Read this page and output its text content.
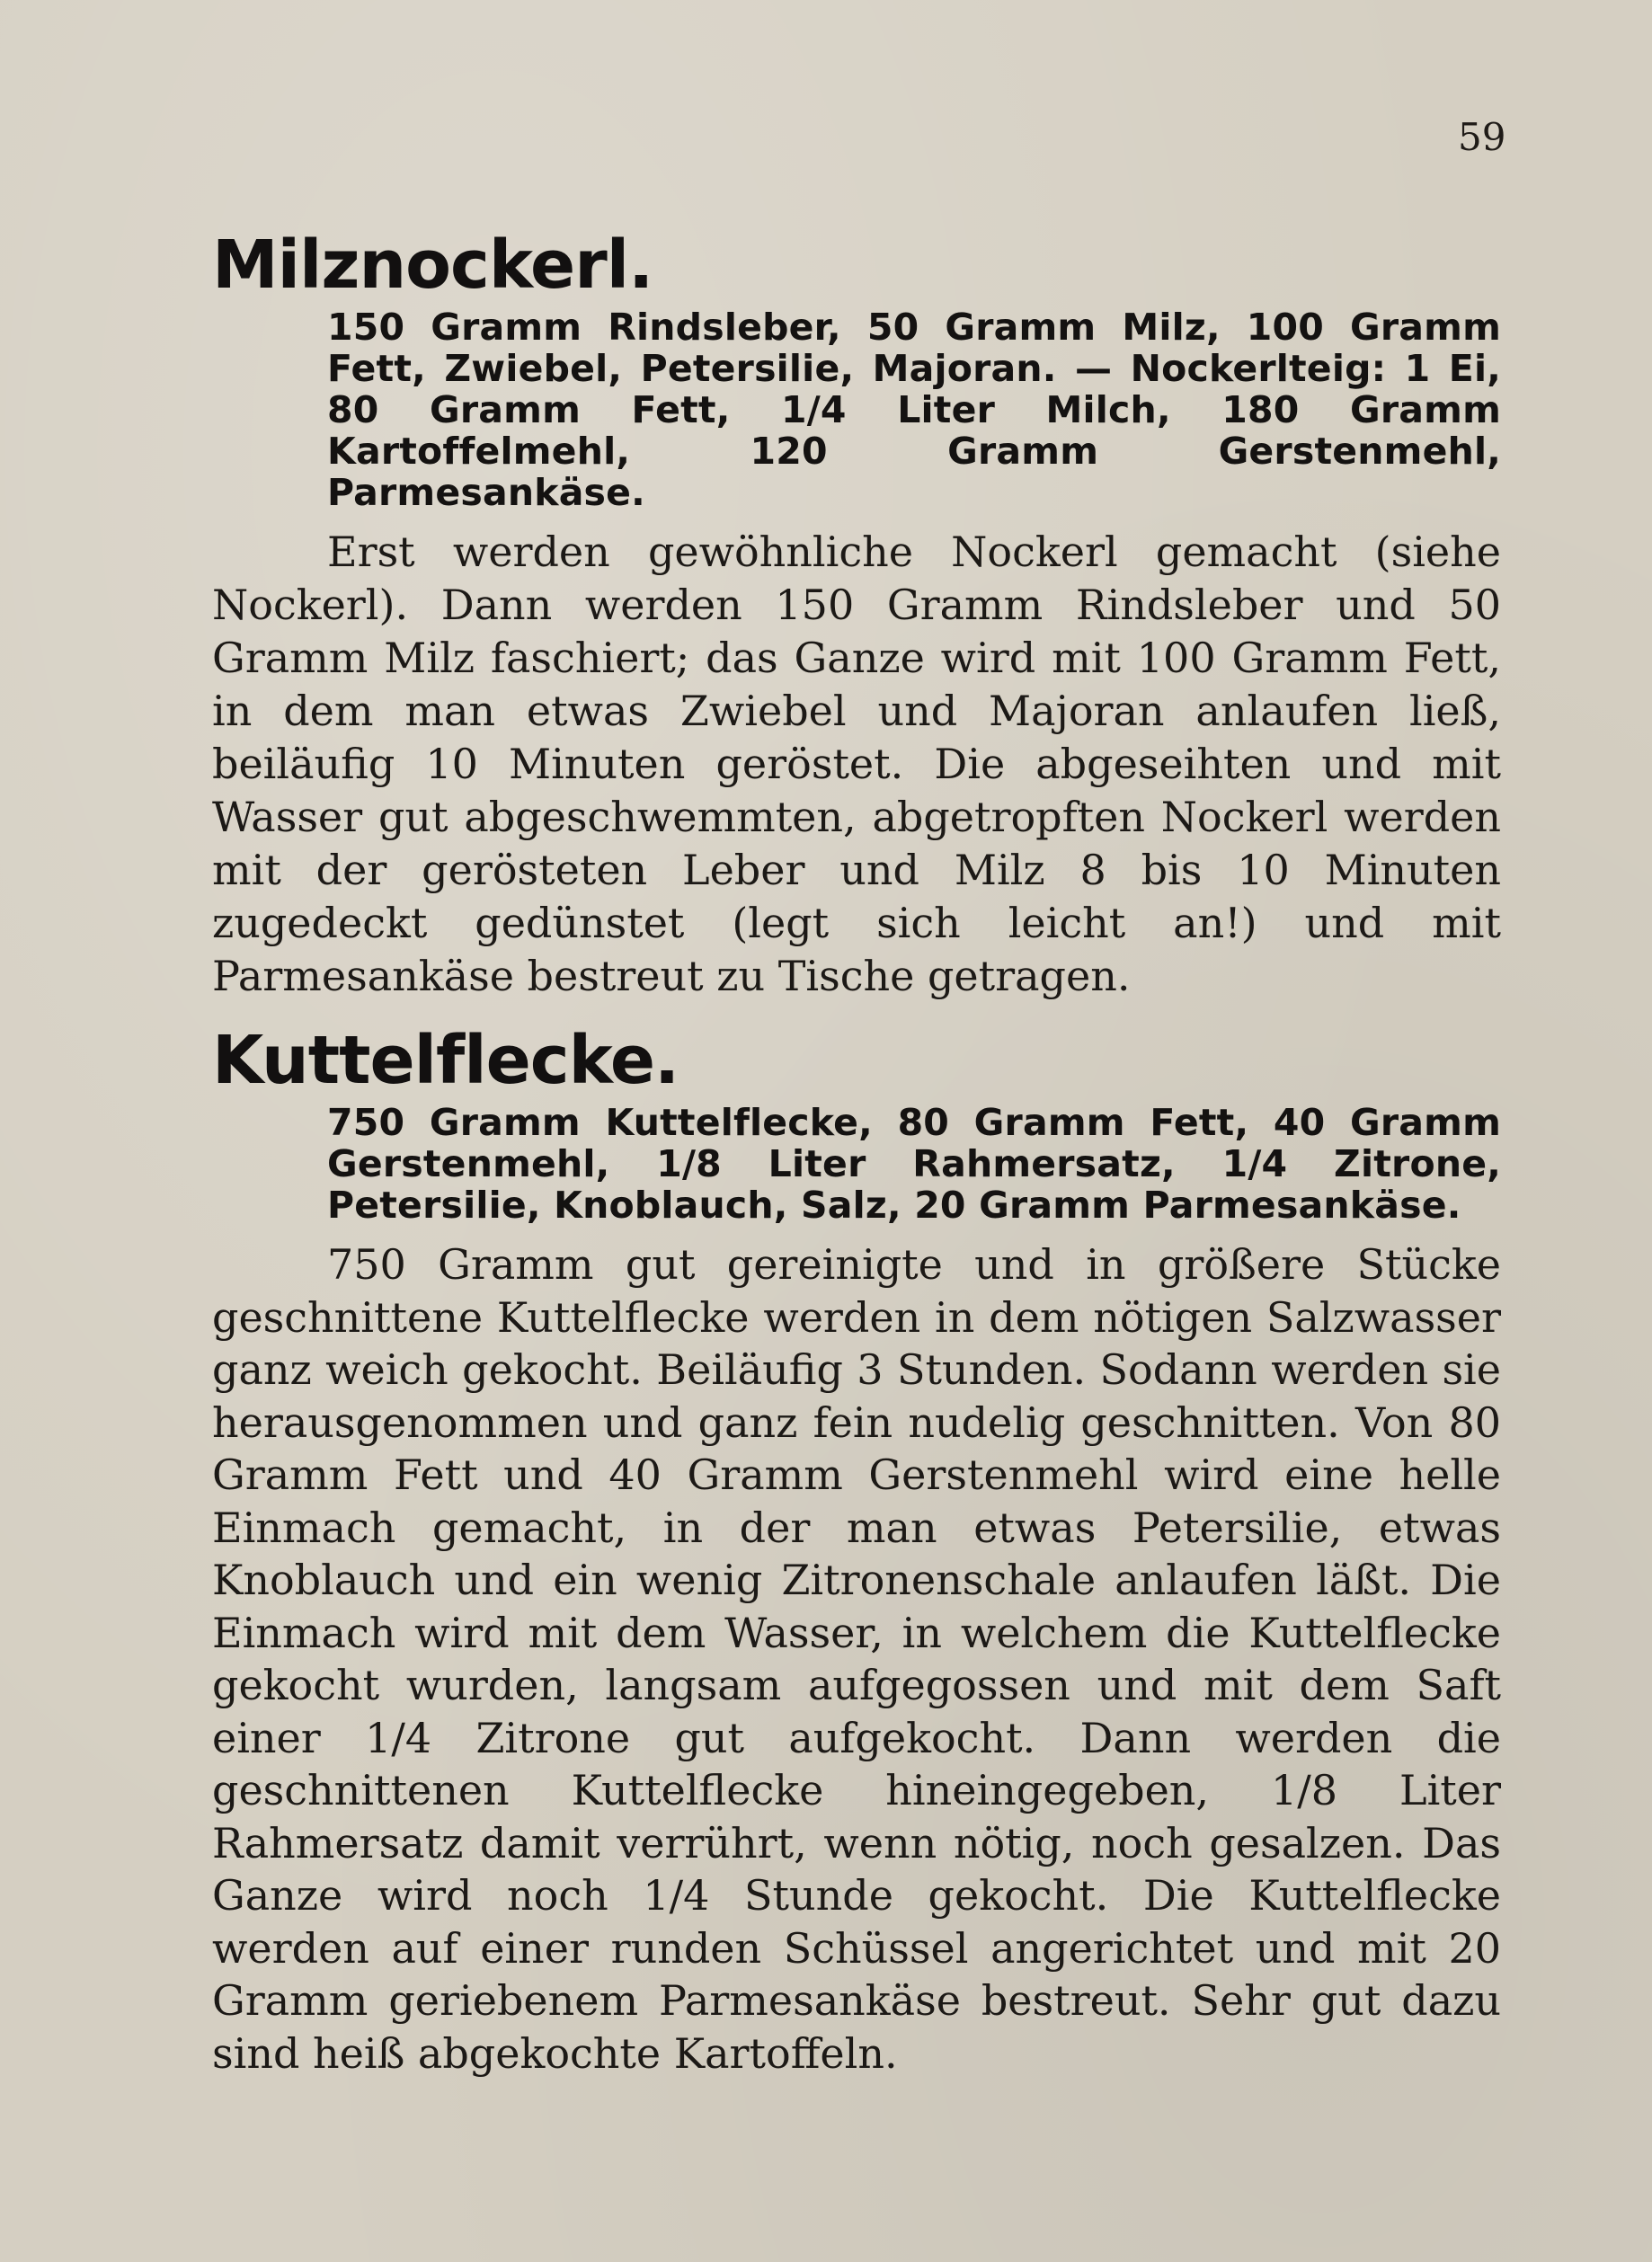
59
Milznockerl.
150 Gramm Rindsleber, 50 Gramm Milz, 100 Gramm Fett, Zwiebel, Petersilie, Majoran. — Nockerlteig: 1 Ei, 80 Gramm Fett, 1/4 Liter Milch, 180 Gramm Kartoffelmehl, 120 Gramm Gerstenmehl, Parmesankäse.
Erst werden gewöhnliche Nockerl gemacht (siehe Nockerl). Dann werden 150 Gramm Rindsleber und 50 Gramm Milz faschiert; das Ganze wird mit 100 Gramm Fett, in dem man etwas Zwiebel und Majoran anlaufen ließ, beiläufig 10 Minuten geröstet. Die abgeseihten und mit Wasser gut abgeschwemmten, abgetropften Nockerl werden mit der gerösteten Leber und Milz 8 bis 10 Minuten zugedeckt gedünstet (legt sich leicht an!) und mit Parmesankäse bestreut zu Tische getragen.
Kuttelflecke.
750 Gramm Kuttelflecke, 80 Gramm Fett, 40 Gramm Gerstenmehl, 1/8 Liter Rahmersatz, 1/4 Zitrone, Petersilie, Knoblauch, Salz, 20 Gramm Parmesankäse.
750 Gramm gut gereinigte und in größere Stücke geschnittene Kuttelflecke werden in dem nötigen Salzwasser ganz weich gekocht. Beiläufig 3 Stunden. Sodann werden sie herausgenommen und ganz fein nudelig geschnitten. Von 80 Gramm Fett und 40 Gramm Gerstenmehl wird eine helle Einmach gemacht, in der man etwas Petersilie, etwas Knoblauch und ein wenig Zitronenschale anlaufen läßt. Die Einmach wird mit dem Wasser, in welchem die Kuttelflecke gekocht wurden, langsam aufgegossen und mit dem Saft einer 1/4 Zitrone gut aufgekocht. Dann werden die geschnittenen Kuttelflecke hineingegeben, 1/8 Liter Rahmersatz damit verrührt, wenn nötig, noch gesalzen. Das Ganze wird noch 1/4 Stunde gekocht. Die Kuttelflecke werden auf einer runden Schüssel angerichtet und mit 20 Gramm geriebenem Parmesankäse bestreut. Sehr gut dazu sind heiß abgekochte Kartoffeln.
